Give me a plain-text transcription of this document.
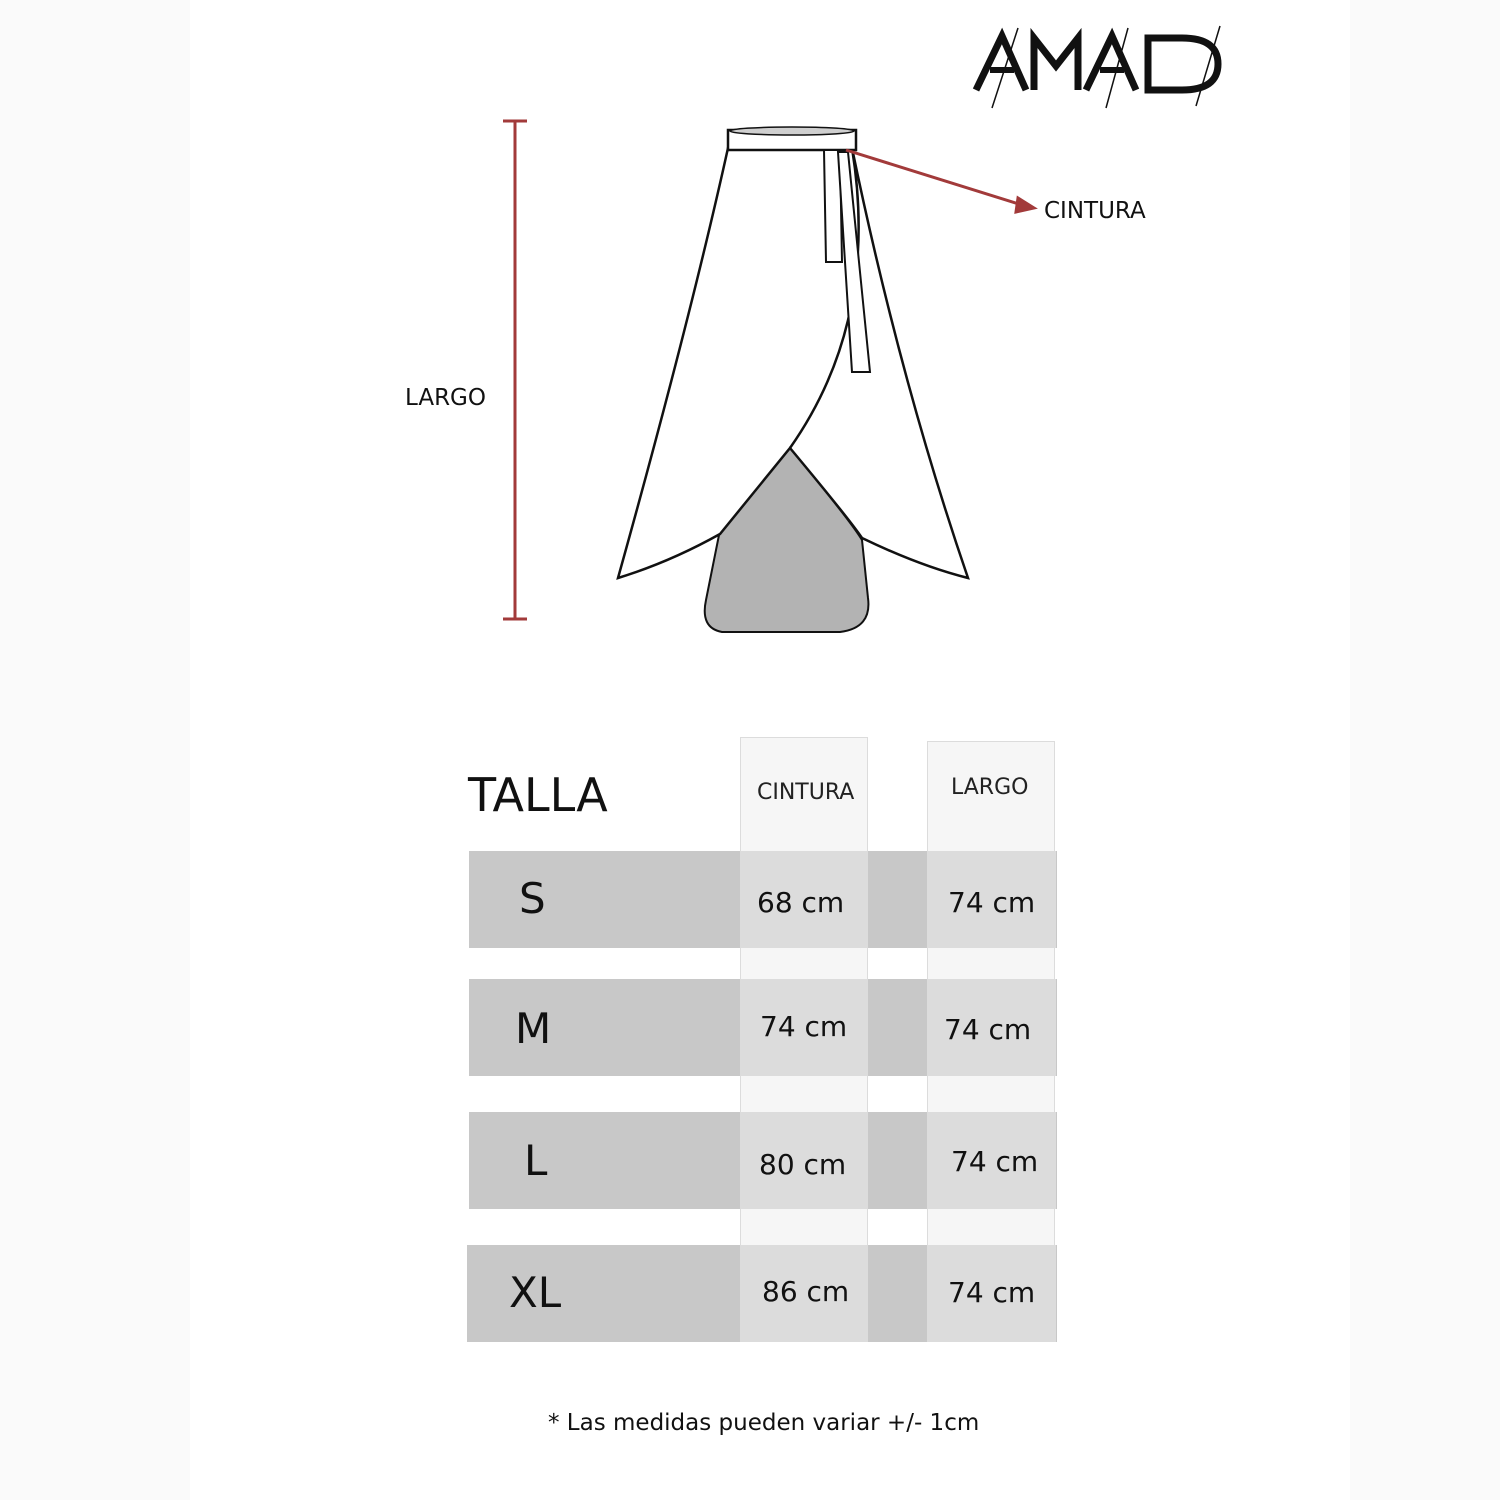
LARGO
CINTURA
TALLA	CINTURA	LARGO
S	68 cm	74 cm
M	74 cm	74 cm
L	80 cm	74 cm
XL	86 cm	74 cm
* Las medidas pueden variar +/- 1cm
